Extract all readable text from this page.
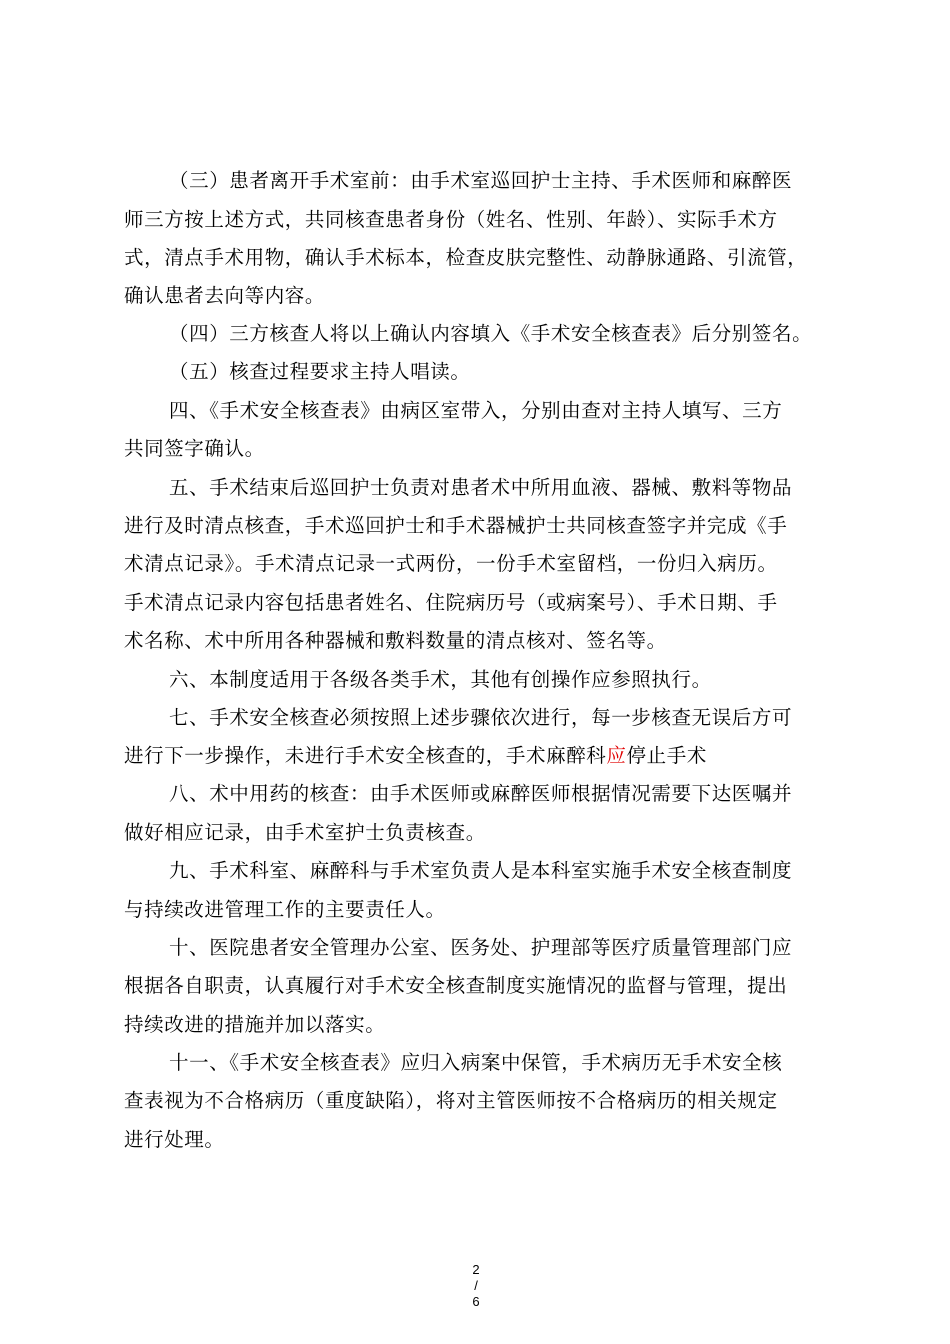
（三）患者离开手术室前：由手术室巡回护士主持、手术医师和麻醉医
师三方按上述方式，共同核查患者身份（姓名、性别、年龄）、实际手术方
式，清点手术用物，确认手术标本，检查皮肤完整性、动静脉通路、引流管，
确认患者去向等内容。
（四）三方核查人将以上确认内容填入《手术安全核查表》后分别签名。
（五）核查过程要求主持人唱读。
四、《手术安全核查表》由病区室带入，分别由查对主持人填写、三方
共同签字确认。
五、手术结束后巡回护士负责对患者术中所用血液、器械、敷料等物品
进行及时清点核查，手术巡回护士和手术器械护士共同核查签字并完成《手
术清点记录》。手术清点记录一式两份，一份手术室留档，一份归入病历。
手术清点记录内容包括患者姓名、住院病历号（或病案号）、手术日期、手
术名称、术中所用各种器械和敷料数量的清点核对、签名等。
六、本制度适用于各级各类手术，其他有创操作应参照执行。
七、手术安全核查必须按照上述步骤依次进行，每一步核查无误后方可
进行下一步操作，未进行手术安全核查的，手术麻醉科应停止手术
八、术中用药的核查：由手术医师或麻醉医师根据情况需要下达医嘱并
做好相应记录，由手术室护士负责核查。
九、手术科室、麻醉科与手术室负责人是本科室实施手术安全核查制度
与持续改进管理工作的主要责任人。
十、医院患者安全管理办公室、医务处、护理部等医疗质量管理部门应
根据各自职责，认真履行对手术安全核查制度实施情况的监督与管理，提出
持续改进的措施并加以落实。
十一、《手术安全核查表》应归入病案中保管，手术病历无手术安全核
查表视为不合格病历（重度缺陷），将对主管医师按不合格病历的相关规定
进行处理。
2
/
6
